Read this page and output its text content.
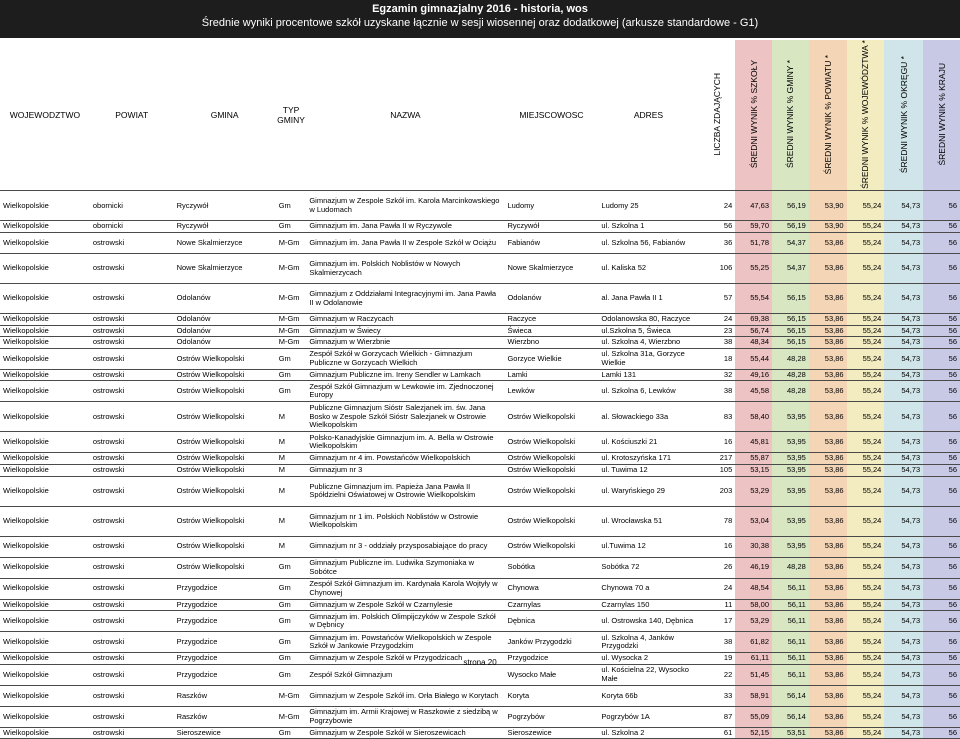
Egzamin gimnazjalny 2016 - historia, wos
Średnie wyniki procentowe szkół uzyskane łącznie w sesji wiosennej oraz dodatkowej (arkusze standardowe - G1)
WOJEWODZTWO	POWIAT	GMINA	TYP GMINY	NAZWA	MIEJSCOWOSC	ADRES	LICZBA ZDAJĄCYCH	ŚREDNI WYNIK % SZKOŁY	ŚREDNI WYNIK % GMINY *	ŚREDNI WYNIK % POWIATU *	ŚREDNI WYNIK % WOJEWÓDZTWA *	ŚREDNI WYNIK % OKRĘGU *	ŚREDNI WYNIK % KRAJU
Wielkopolskie	obornicki	Ryczywół	Gm	Gimnazjum w Zespole Szkół im. Karola Marcinkowskiego w Ludomach	Ludomy	Ludomy 25	24	47,63	56,19	53,90	55,24	54,73	56
Wielkopolskie	obornicki	Ryczywół	Gm	Gimnazjum im. Jana Pawła II w Ryczywole	Ryczywół	ul. Szkolna 1	56	59,70	56,19	53,90	55,24	54,73	56
Wielkopolskie	ostrowski	Nowe Skalmierzyce	M-Gm	Gimnazjum im. Jana Pawła II w Zespole Szkół w Ociążu	Fabianów	ul. Szkolna 56, Fabianów	36	51,78	54,37	53,86	55,24	54,73	56
Wielkopolskie	ostrowski	Nowe Skalmierzyce	M-Gm	Gimnazjum im. Polskich Noblistów w Nowych Skalmierzycach	Nowe Skalmierzyce	ul. Kaliska 52	106	55,25	54,37	53,86	55,24	54,73	56
Wielkopolskie	ostrowski	Odolanów	M-Gm	Gimnazjum z Oddziałami Integracyjnymi im. Jana Pawła II w Odolanowie	Odolanów	al. Jana Pawła II 1	57	55,54	56,15	53,86	55,24	54,73	56
Wielkopolskie	ostrowski	Odolanów	M-Gm	Gimnazjum w Raczycach	Raczyce	Odolanowska 80, Raczyce	24	69,38	56,15	53,86	55,24	54,73	56
Wielkopolskie	ostrowski	Odolanów	M-Gm	Gimnazjum w Świecy	Świeca	ul.Szkolna 5, Świeca	23	56,74	56,15	53,86	55,24	54,73	56
Wielkopolskie	ostrowski	Odolanów	M-Gm	Gimnazjum w Wierzbnie	Wierzbno	ul. Szkolna 4, Wierzbno	38	48,34	56,15	53,86	55,24	54,73	56
Wielkopolskie	ostrowski	Ostrów Wielkopolski	Gm	Zespół Szkół w Gorzycach Wielkich - Gimnazjum Publiczne w Gorzycach Wielkich	Gorzyce Wielkie	ul. Szkolna 31a, Gorzyce Wielkie	18	55,44	48,28	53,86	55,24	54,73	56
Wielkopolskie	ostrowski	Ostrów Wielkopolski	Gm	Gimnazjum Publiczne im. Ireny Sendler w Lamkach	Lamki	Lamki 131	32	49,16	48,28	53,86	55,24	54,73	56
Wielkopolskie	ostrowski	Ostrów Wielkopolski	Gm	Zespół Szkół Gimnazjum w Lewkowie im. Zjednoczonej Europy	Lewków	ul. Szkolna 6, Lewków	38	45,58	48,28	53,86	55,24	54,73	56
Wielkopolskie	ostrowski	Ostrów Wielkopolski	M	Publiczne Gimnazjum Sióstr Salezjanek im. św. Jana Bosko w Zespole Szkół Sióstr Salezjanek w Ostrowie Wielkopolskim	Ostrów Wielkopolski	al. Słowackiego 33a	83	58,40	53,95	53,86	55,24	54,73	56
Wielkopolskie	ostrowski	Ostrów Wielkopolski	M	Polsko-Kanadyjskie Gimnazjum im. A. Bella w Ostrowie Wielkopolskim	Ostrów Wielkopolski	ul. Kościuszki 21	16	45,81	53,95	53,86	55,24	54,73	56
Wielkopolskie	ostrowski	Ostrów Wielkopolski	M	Gimnazjum nr 4 im. Powstańców Wielkopolskich	Ostrów Wielkopolski	ul. Krotoszyńska 171	217	55,87	53,95	53,86	55,24	54,73	56
Wielkopolskie	ostrowski	Ostrów Wielkopolski	M	Gimnazjum nr 3	Ostrów Wielkopolski	ul. Tuwima 12	105	53,15	53,95	53,86	55,24	54,73	56
Wielkopolskie	ostrowski	Ostrów Wielkopolski	M	Publiczne Gimnazjum im. Papieża Jana Pawła II Spółdzielni Oświatowej w Ostrowie Wielkopolskim	Ostrów Wielkopolski	ul. Waryńskiego 29	203	53,29	53,95	53,86	55,24	54,73	56
Wielkopolskie	ostrowski	Ostrów Wielkopolski	M	Gimnazjum nr 1 im. Polskich Noblistów w Ostrowie Wielkopolskim	Ostrów Wielkopolski	ul. Wrocławska 51	78	53,04	53,95	53,86	55,24	54,73	56
Wielkopolskie	ostrowski	Ostrów Wielkopolski	M	Gimnazjum nr 3 - oddziały przysposabiające do pracy	Ostrów Wielkopolski	ul.Tuwima 12	16	30,38	53,95	53,86	55,24	54,73	56
Wielkopolskie	ostrowski	Ostrów Wielkopolski	Gm	Gimnazjum Publiczne im. Ludwika Szymoniaka w Sobótce	Sobótka	Sobótka 72	26	46,19	48,28	53,86	55,24	54,73	56
Wielkopolskie	ostrowski	Przygodzice	Gm	Zespół Szkół Gimnazjum im. Kardynała Karola Wojtyły w Chynowej	Chynowa	Chynowa 70 a	24	48,54	56,11	53,86	55,24	54,73	56
Wielkopolskie	ostrowski	Przygodzice	Gm	Gimnazjum w Zespole Szkół w Czarnylesie	Czarnylas	Czarnylas 150	11	58,00	56,11	53,86	55,24	54,73	56
Wielkopolskie	ostrowski	Przygodzice	Gm	Gimnazjum im. Polskich Olimpijczyków w Zespole Szkół w Dębnicy	Dębnica	ul. Ostrowska 140, Dębnica	17	53,29	56,11	53,86	55,24	54,73	56
Wielkopolskie	ostrowski	Przygodzice	Gm	Gimnazjum im. Powstańców Wielkopolskich w Zespole Szkół w Jankowie Przygodzkim	Janków Przygodzki	ul. Szkolna 4, Janków Przygodzki	38	61,82	56,11	53,86	55,24	54,73	56
Wielkopolskie	ostrowski	Przygodzice	Gm	Gimnazjum w Zespole Szkół w Przygodzicach	Przygodzice	ul. Wysocka 2	19	61,11	56,11	53,86	55,24	54,73	56
Wielkopolskie	ostrowski	Przygodzice	Gm	Zespół Szkół Gimnazjum	Wysocko Małe	ul. Kościelna 22, Wysocko Małe	22	51,45	56,11	53,86	55,24	54,73	56
Wielkopolskie	ostrowski	Raszków	M-Gm	Gimnazjum w Zespole Szkół im. Orła Białego w Korytach	Koryta	Koryta 66b	33	58,91	56,14	53,86	55,24	54,73	56
Wielkopolskie	ostrowski	Raszków	M-Gm	Gimnazjum im. Armii Krajowej w Raszkowie z siedzibą w Pogrzybowie	Pogrzybów	Pogrzybów 1A	87	55,09	56,14	53,86	55,24	54,73	56
Wielkopolskie	ostrowski	Sieroszewice	Gm	Gimnazjum w Zespole Szkół w Sieroszewicach	Sieroszewice	ul. Szkolna 2	61	52,15	53,51	53,86	55,24	54,73	56
strona 20
